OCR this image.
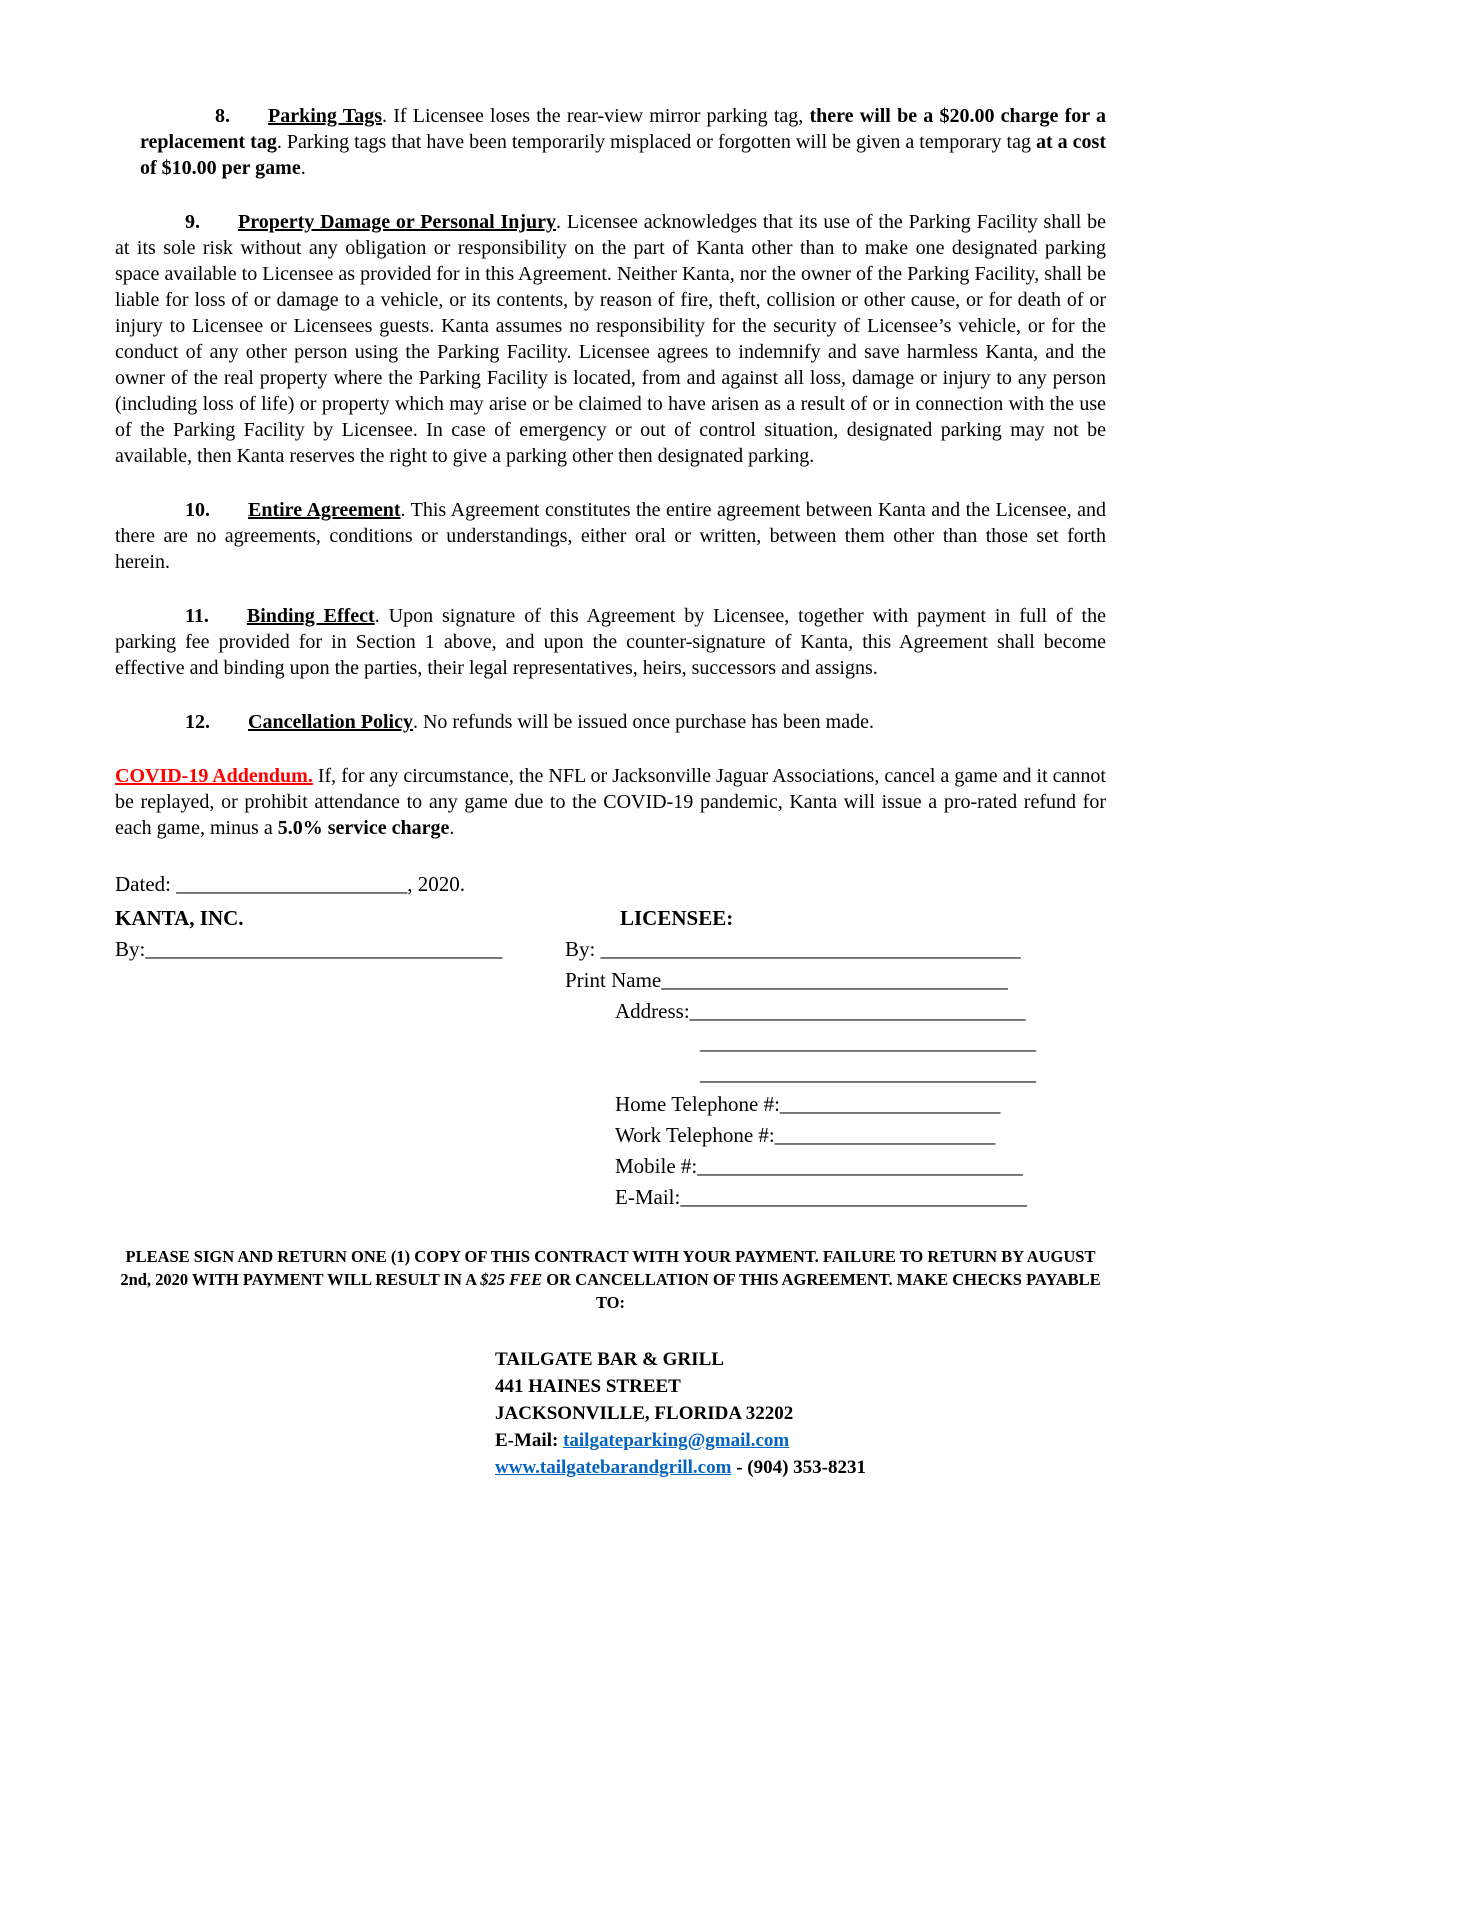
8. Parking Tags. If Licensee loses the rear-view mirror parking tag, there will be a $20.00 charge for a replacement tag. Parking tags that have been temporarily misplaced or forgotten will be given a temporary tag at a cost of $10.00 per game.

9. Property Damage or Personal Injury. Licensee acknowledges that its use of the Parking Facility shall be at its sole risk without any obligation or responsibility on the part of Kanta other than to make one designated parking space available to Licensee as provided for in this Agreement. Neither Kanta, nor the owner of the Parking Facility, shall be liable for loss of or damage to a vehicle, or its contents, by reason of fire, theft, collision or other cause, or for death of or injury to Licensee or Licensees guests. Kanta assumes no responsibility for the security of Licensee’s vehicle, or for the conduct of any other person using the Parking Facility. Licensee agrees to indemnify and save harmless Kanta, and the owner of the real property where the Parking Facility is located, from and against all loss, damage or injury to any person (including loss of life) or property which may arise or be claimed to have arisen as a result of or in connection with the use of the Parking Facility by Licensee. In case of emergency or out of control situation, designated parking may not be available, then Kanta reserves the right to give a parking other then designated parking.

10. Entire Agreement. This Agreement constitutes the entire agreement between Kanta and the Licensee, and there are no agreements, conditions or understandings, either oral or written, between them other than those set forth herein.

11. Binding Effect. Upon signature of this Agreement by Licensee, together with payment in full of the parking fee provided for in Section 1 above, and upon the counter-signature of Kanta, this Agreement shall become effective and binding upon the parties, their legal representatives, heirs, successors and assigns.

12. Cancellation Policy. No refunds will be issued once purchase has been made.

COVID-19 Addendum. If, for any circumstance, the NFL or Jacksonville Jaguar Associations, cancel a game and it cannot be replayed, or prohibit attendance to any game due to the COVID-19 pandemic, Kanta will issue a pro-rated refund for each game, minus a 5.0% service charge.

Dated: ______________________, 2020.
KANTA, INC.
By:__________________________________
LICENSEE:
By: ________________________________________
Print Name_________________________________
Address:________________________________
________________________________
________________________________
Home Telephone #:_____________________
Work Telephone #:_____________________
Mobile #:_______________________________
E-Mail:_________________________________

PLEASE SIGN AND RETURN ONE (1) COPY OF THIS CONTRACT WITH YOUR PAYMENT. FAILURE TO RETURN BY AUGUST 2nd, 2020 WITH PAYMENT WILL RESULT IN A $25 FEE OR CANCELLATION OF THIS AGREEMENT. MAKE CHECKS PAYABLE TO:

TAILGATE BAR & GRILL
441 HAINES STREET
JACKSONVILLE, FLORIDA 32202
E-Mail: tailgateparking@gmail.com
www.tailgatebarandgrill.com - (904) 353-8231
